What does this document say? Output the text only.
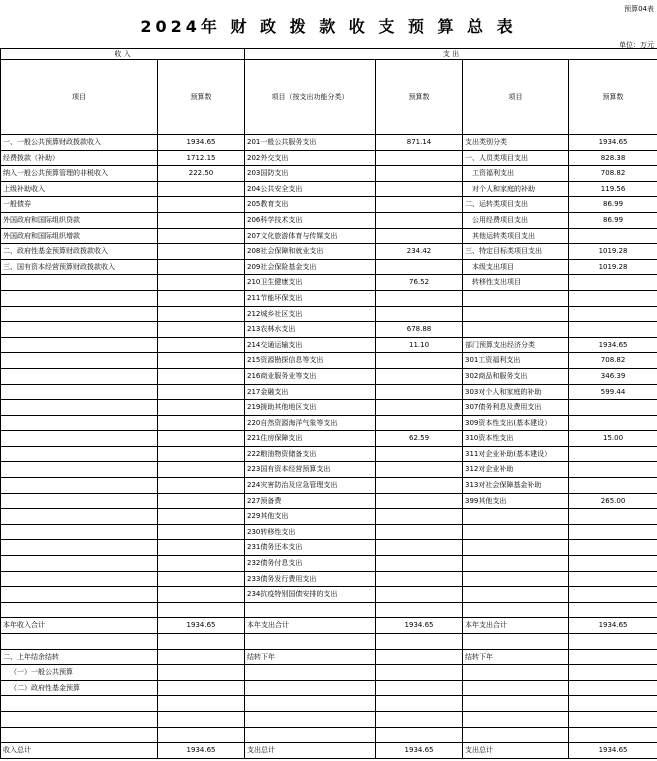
预算04表
2024年 财 政 拨 款 收 支 预 算 总 表
单位：万元
收 入		支 出			
项目	预算数	项目（按支出功能分类）	预算数	项目	预算数
一、一般公共预算财政拨款收入	1934.65	201一般公共服务支出	871.14	支出类别分类	1934.65
经费拨款（补助）	1712.15	202外交支出		一、人员类项目支出	828.38
纳入一般公共预算管理的非税收入	222.50	203国防支出		工资福利支出	708.82
上级补助收入		204公共安全支出		对个人和家庭的补助	119.56
一般债券		205教育支出		二、运转类项目支出	86.99
外国政府和国际组织贷款		206科学技术支出		公用经费项目支出	86.99
外国政府和国际组织增款		207文化旅游体育与传媒支出		其他运转类项目支出	
二、政府性基金预算财政拨款收入		208社会保障和就业支出	234.42	三、特定目标类项目支出	1019.28
三、国有资本经营预算财政拨款收入		209社会保险基金支出		本级支出项目	1019.28
		210卫生健康支出	76.52	转移性支出项目	
		211节能环保支出			
		212城乡社区支出			
		213农林水支出	678.88		
		214交通运输支出	11.10	部门预算支出经济分类	1934.65
		215资源勘探信息等支出		301工资福利支出	708.82
		216商业服务业等支出		302商品和服务支出	346.39
		217金融支出		303对个人和家庭的补助	599.44
		219援助其他地区支出		307债务利息及费用支出	
		220自然资源海洋气象等支出		309资本性支出(基本建设）	
		221住房保障支出	62.59	310资本性支出	15.00
		222粮油物资储备支出		311对企业补助(基本建设）	
		223国有资本经营预算支出		312对企业补助	
		224灾害防治及应急管理支出		313对社会保障基金补助	
		227预备费		399其他支出	265.00
		229其他支出			
		230转移性支出			
		231债务还本支出			
		232债务付息支出			
		233债务发行费用支出			
		234抗疫特别国债安排的支出			

本年收入合计	1934.65	本年支出合计	1934.65	本年支出合计	1934.65

二、上年结余结转		结转下年		结转下年	
（一）一般公共预算					
（二）政府性基金预算					

收入总计	1934.65	支出总计	1934.65	支出总计	1934.65
